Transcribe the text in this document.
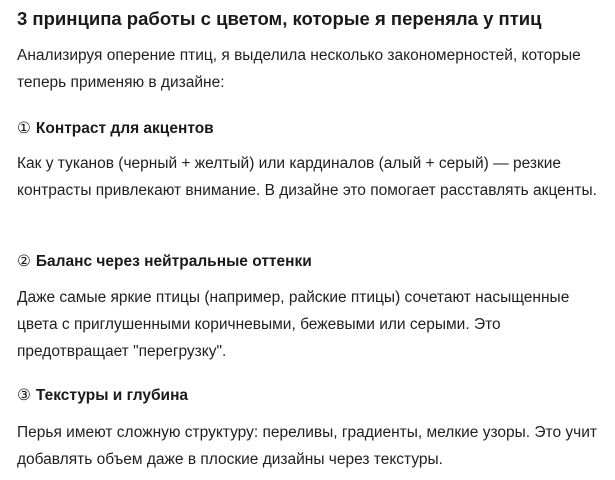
3 принципа работы с цветом, которые я переняла у птиц

Анализируя оперение птиц, я выделила несколько закономерностей, которые теперь применяю в дизайне:

① Контраст для акцентов

Как у туканов (черный + желтый) или кардиналов (алый + серый) — резкие контрасты привлекают внимание. В дизайне это помогает расставлять акценты.

② Баланс через нейтральные оттенки

Даже самые яркие птицы (например, райские птицы) сочетают насыщенные цвета с приглушенными коричневыми, бежевыми или серыми. Это предотвращает "перегрузку".

③ Текстуры и глубина

Перья имеют сложную структуру: переливы, градиенты, мелкие узоры. Это учит добавлять объем даже в плоские дизайны через текстуры.
